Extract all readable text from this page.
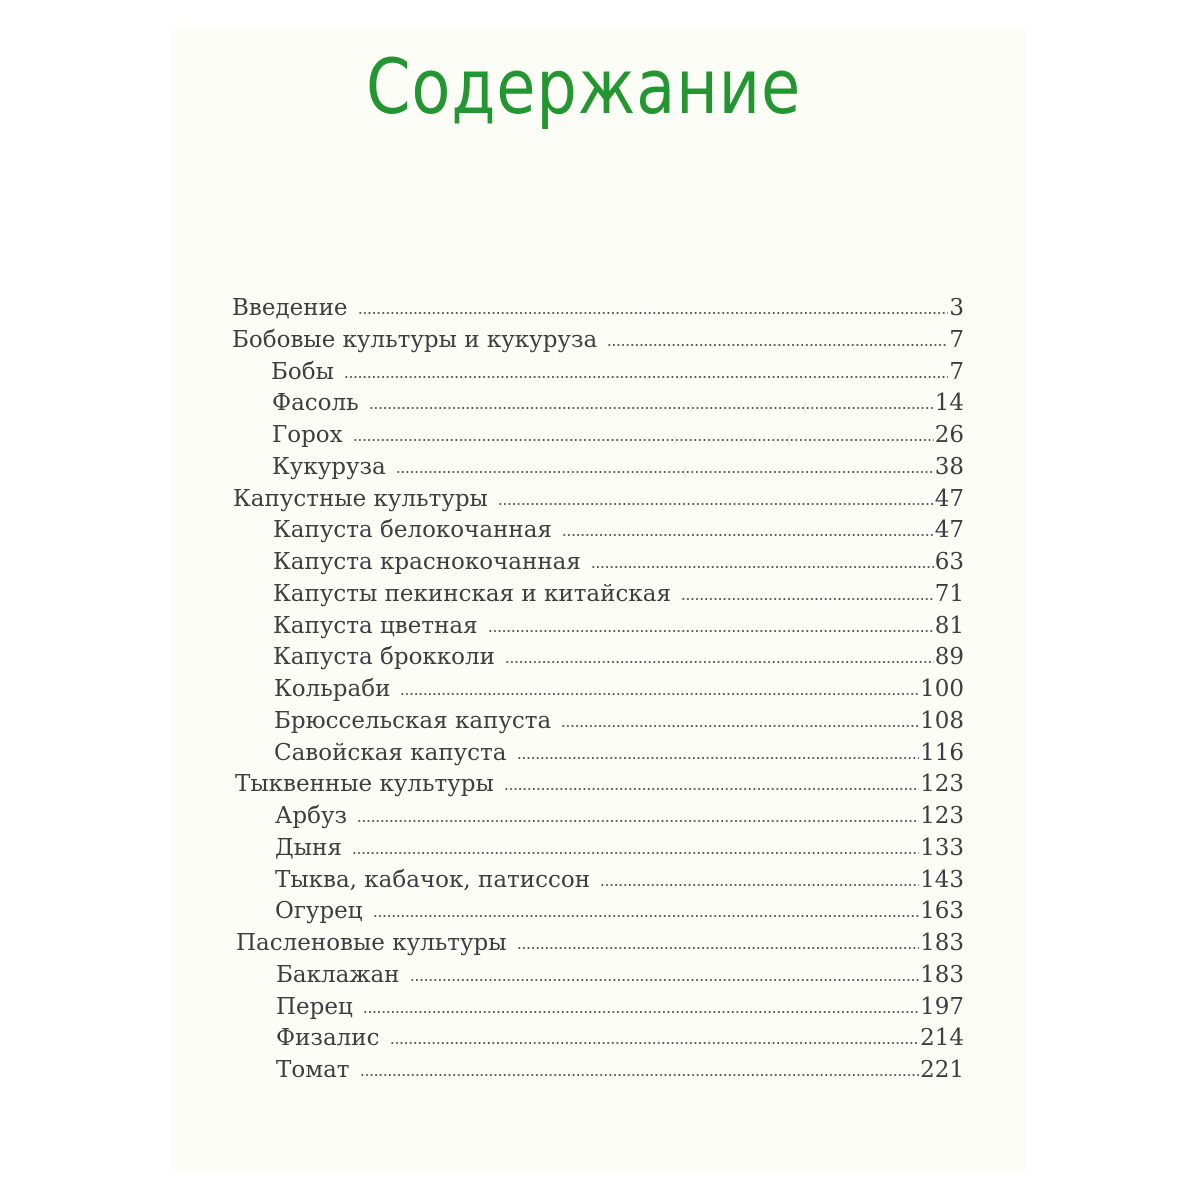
Содержание
Введение	3
Бобовые культуры и кукуруза	7
Бобы	7
Фасоль	14
Горох	26
Кукуруза	38
Капустные культуры	47
Капуста белокочанная	47
Капуста краснокочанная	63
Капусты пекинская и китайская	71
Капуста цветная	81
Капуста брокколи	89
Кольраби	100
Брюссельская капуста	108
Савойская капуста	116
Тыквенные культуры	123
Арбуз	123
Дыня	133
Тыква, кабачок, патиссон	143
Огурец	163
Пасленовые культуры	183
Баклажан	183
Перец	197
Физалис	214
Томат	221
